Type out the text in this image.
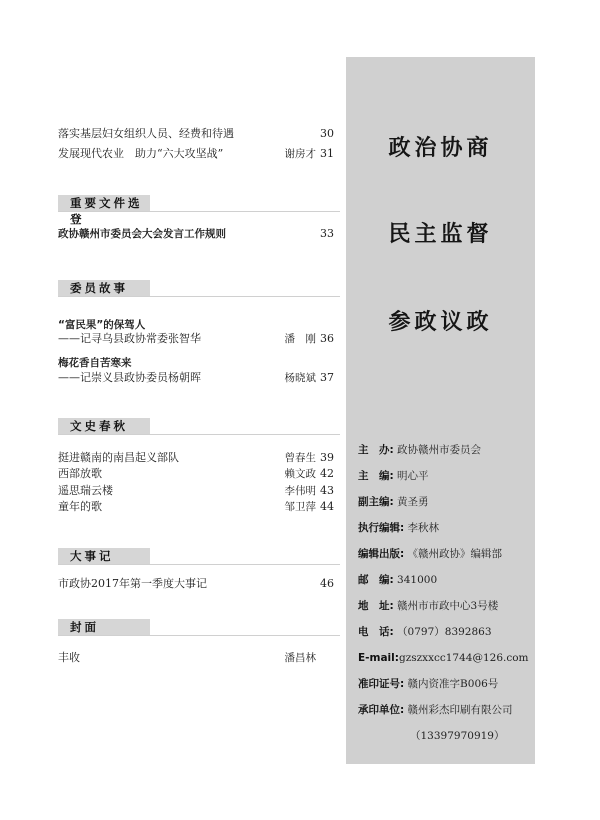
落实基层妇女组织人员、经费和待遇	30
发展现代农业　助力“六大攻坚战”	谢房才 31
重要文件选登
政协赣州市委员会大会发言工作规则	33
委员故事
“富民果”的保驾人
——记寻乌县政协常委张智华	潘　刚 36
梅花香自苦寒来
——记崇义县政协委员杨朝晖	杨晓斌 37
文史春秋
挺进赣南的南昌起义部队	曾春生 39
西部放歌	赖文政 42
遥思瑞云楼	李伟明 43
童年的歌	邹卫萍 44
大事记
市政协2017年第一季度大事记	46
封面
丰收	潘昌林
政治协商
民主监督
参政议政
主　办: 政协赣州市委员会
主　编: 明心平
副主编: 黄圣勇
执行编辑: 李秋林
编辑出版: 《赣州政协》编辑部
邮　编: 341000
地　址: 赣州市市政中心3号楼
电　话: （0797）8392863
E-mail:gzszxxcc1744@126.com
准印证号: 赣内资准字B006号
承印单位: 赣州彩杰印刷有限公司
（13397970919）
